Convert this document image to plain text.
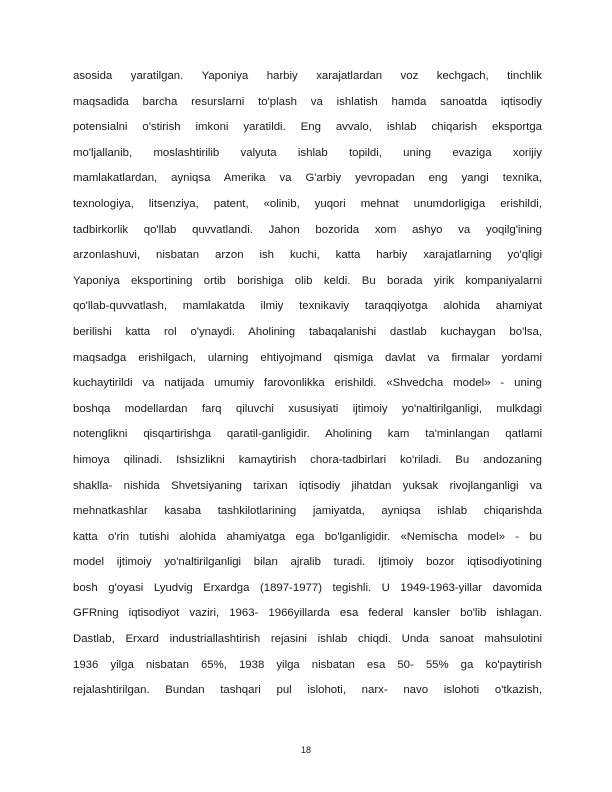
asosida yaratilgan. Yaponiya harbiy xarajatlardan voz kechgach, tinchlik
maqsadida barcha resurslarni to'plash va ishlatish hamda sanoatda iqtisodiy
potensialni o'stirish imkoni yaratildi. Eng avvalo, ishlab chiqarish eksportga
mo'ljallanib, moslashtirilib valyuta ishlab topildi, uning evaziga xorijiy
mamlakatlardan, ayniqsa Amerika va G'arbiy yevropadan eng yangi texnika,
texnologiya, litsenziya, patent, «olinib, yuqori mehnat unumdorligiga erishildi,
tadbirkorlik qo'llab quvvatlandi. Jahon bozorida xom ashyo va yoqilg'ining
arzonlashuvi, nisbatan arzon ish kuchi, katta harbiy xarajatlarning yo'qligi
Yaponiya eksportining ortib borishiga olib keldi. Bu borada yirik kompaniyalarni
qo'llab-quvvatlash, mamlakatda ilmiy texnikaviy taraqqiyotga alohida ahamiyat
berilishi katta rol o'ynaydi. Aholining tabaqalanishi dastlab kuchaygan bo'lsa,
maqsadga erishilgach, ularning ehtiyojmand qismiga davlat va firmalar yordami
kuchaytirildi va natijada umumiy farovonlikka erishildi. «Shvedcha model» - uning
boshqa modellardan farq qiluvchi xususiyati ijtimoiy yo'naltirilganligi, mulkdagi
notenglikni qisqartirishga qaratil-ganligidir. Aholining kam ta'minlangan qatlami
himoya qilinadi. Ishsizlikni kamaytirish chora-tadbirlari ko'riladi. Bu andozaning
shaklla- nishida Shvetsiyaning tarixan iqtisodiy jihatdan yuksak rivojlanganligi va
mehnatkashlar kasaba tashkilotlarining jamiyatda, ayniqsa ishlab chiqarishda
katta o'rin tutishi alohida ahamiyatga ega bo'lganligidir. «Nemischa model» - bu
model ijtimoiy yo'naltirilganligi bilan ajralib turadi. Ijtimoiy bozor iqtisodiyotining
bosh g'oyasi Lyudvig Erxardga (1897-1977) tegishli. U 1949-1963-yillar davomida
GFRning iqtisodiyot vaziri, 1963- 1966yillarda esa federal kansler bo'lib ishlagan.
Dastlab, Erxard industriallashtirish rejasini ishlab chiqdi. Unda sanoat mahsulotini
1936 yilga nisbatan 65%, 1938 yilga nisbatan esa 50- 55% ga ko'paytirish
rejalashtirilgan. Bundan tashqari pul islohoti, narx- navo islohoti o'tkazish,
18
